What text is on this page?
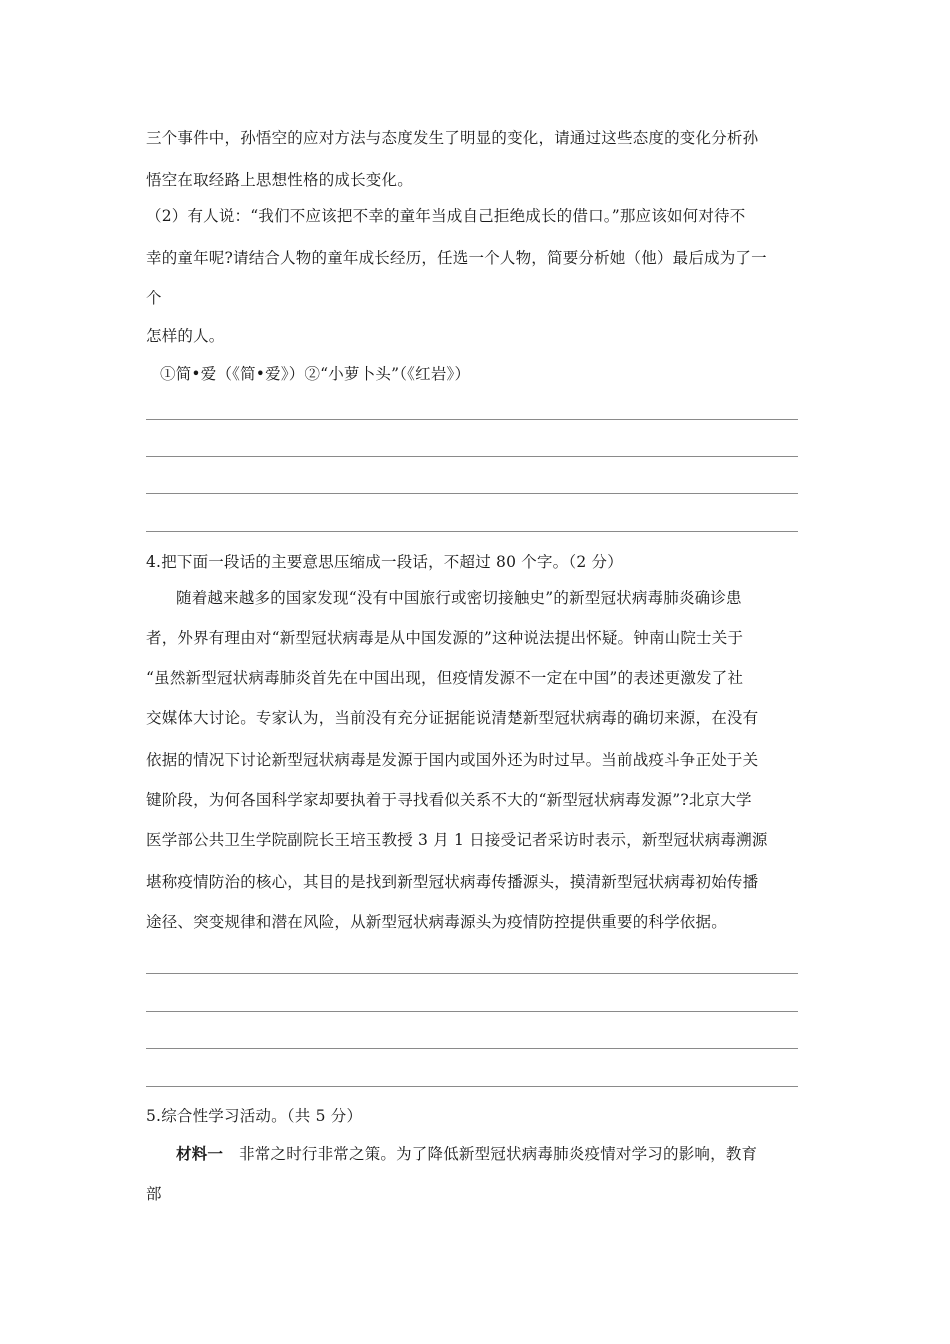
三个事件中，孙悟空的应对方法与态度发生了明显的变化，请通过这些态度的变化分析孙
悟空在取经路上思想性格的成长变化。
（2）有人说：“我们不应该把不幸的童年当成自己拒绝成长的借口。”那应该如何对待不
幸的童年呢?请结合人物的童年成长经历，任选一个人物，简要分析她（他）最后成为了一
个
怎样的人。
①简•爱（《简•爱》）②“小萝卜头”（《红岩》）
4.把下面一段话的主要意思压缩成一段话，不超过 80 个字。（2 分）
随着越来越多的国家发现“没有中国旅行或密切接触史”的新型冠状病毒肺炎确诊患
者，外界有理由对“新型冠状病毒是从中国发源的”这种说法提出怀疑。钟南山院士关于
“虽然新型冠状病毒肺炎首先在中国出现，但疫情发源不一定在中国”的表述更激发了社
交媒体大讨论。专家认为，当前没有充分证据能说清楚新型冠状病毒的确切来源，在没有
依据的情况下讨论新型冠状病毒是发源于国内或国外还为时过早。当前战疫斗争正处于关
键阶段，为何各国科学家却要执着于寻找看似关系不大的“新型冠状病毒发源”?北京大学
医学部公共卫生学院副院长王培玉教授 3 月 1 日接受记者采访时表示，新型冠状病毒溯源
堪称疫情防治的核心，其目的是找到新型冠状病毒传播源头，摸清新型冠状病毒初始传播
途径、突变规律和潜在风险，从新型冠状病毒源头为疫情防控提供重要的科学依据。
5.综合性学习活动。（共 5 分）
材料一 非常之时行非常之策。为了降低新型冠状病毒肺炎疫情对学习的影响，教育
部
